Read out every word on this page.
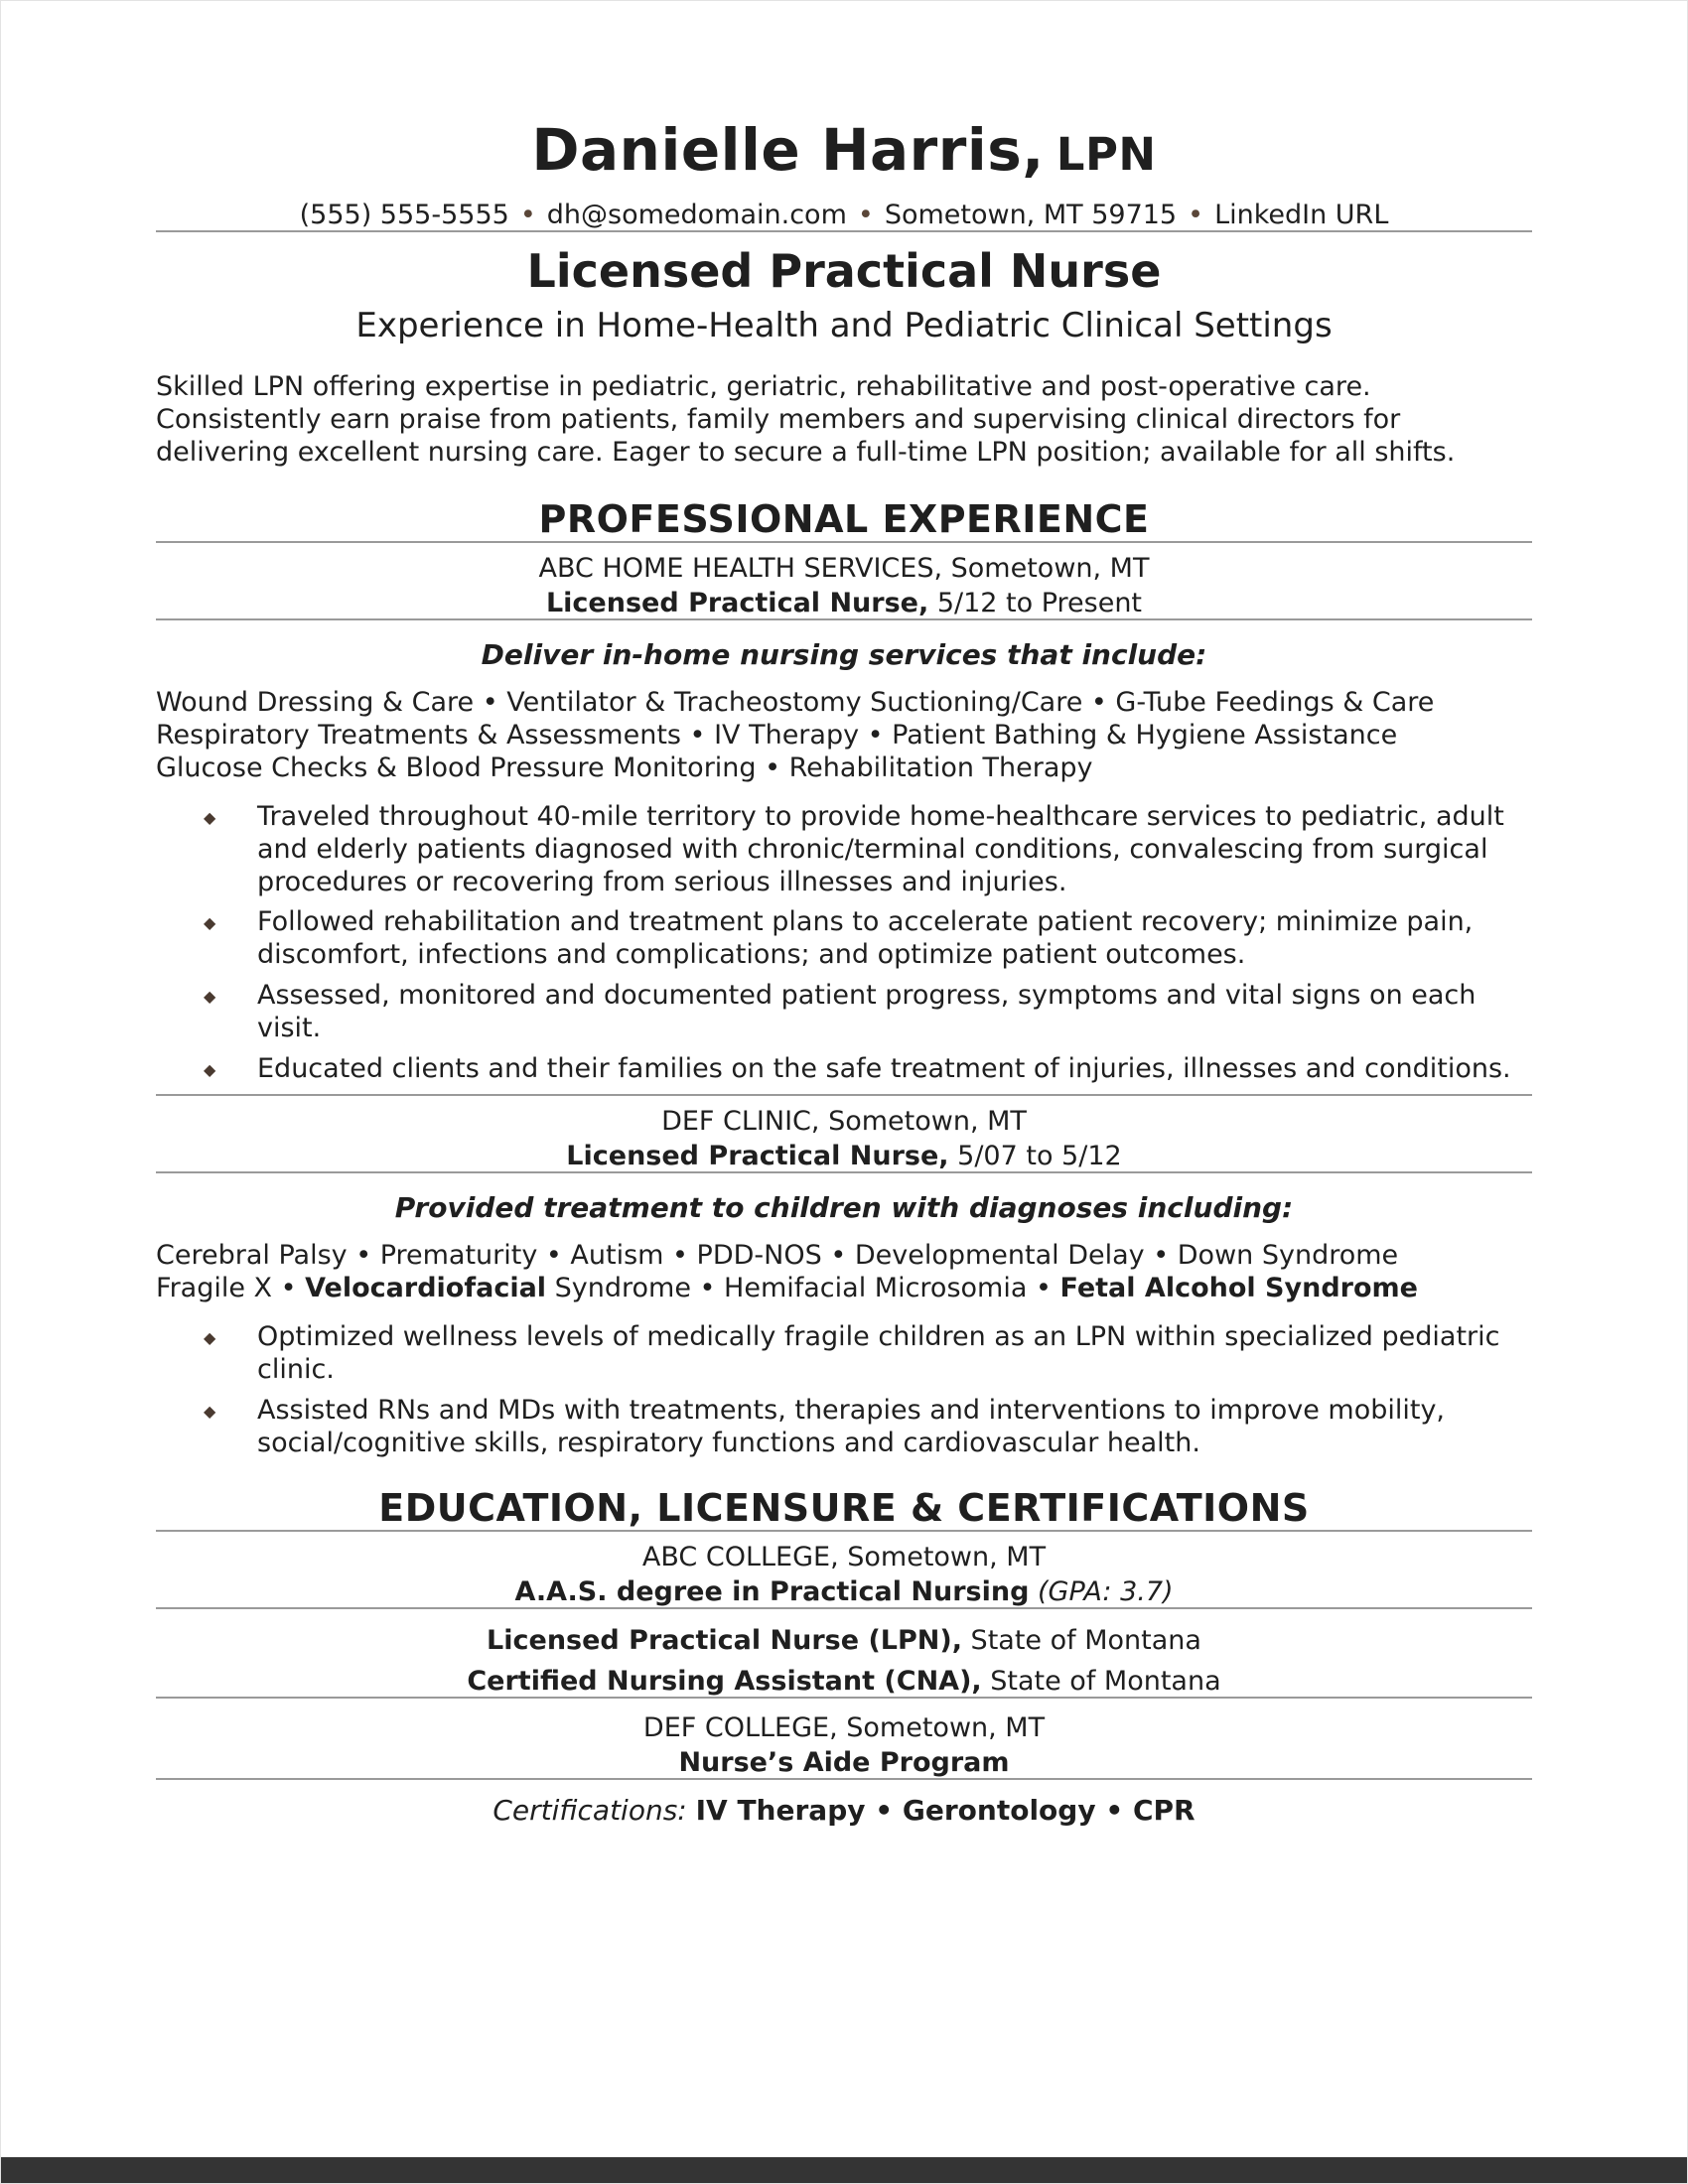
Danielle Harris, LPN
(555) 555-5555 • dh@somedomain.com • Sometown, MT 59715 • LinkedIn URL
Licensed Practical Nurse
Experience in Home-Health and Pediatric Clinical Settings
Skilled LPN offering expertise in pediatric, geriatric, rehabilitative and post-operative care. Consistently earn praise from patients, family members and supervising clinical directors for delivering excellent nursing care. Eager to secure a full-time LPN position; available for all shifts.
PROFESSIONAL EXPERIENCE
ABC HOME HEALTH SERVICES, Sometown, MT
Licensed Practical Nurse, 5/12 to Present
Deliver in-home nursing services that include:

Wound Dressing & Care • Ventilator & Tracheostomy Suctioning/Care • G-Tube Feedings & Care

Respiratory Treatments & Assessments • IV Therapy • Patient Bathing & Hygiene Assistance

Glucose Checks & Blood Pressure Monitoring • Rehabilitation Therapy

◆	Traveled throughout 40-mile territory to provide home-healthcare services to pediatric, adult and elderly patients diagnosed with chronic/terminal conditions, convalescing from surgical procedures or recovering from serious illnesses and injuries.
◆	Followed rehabilitation and treatment plans to accelerate patient recovery; minimize pain, discomfort, infections and complications; and optimize patient outcomes.
◆	Assessed, monitored and documented patient progress, symptoms and vital signs on each visit.
◆	Educated clients and their families on the safe treatment of injuries, illnesses and conditions.
DEF CLINIC, Sometown, MT
Licensed Practical Nurse, 5/07 to 5/12
Provided treatment to children with diagnoses including:

Cerebral Palsy • Prematurity • Autism • PDD-NOS • Developmental Delay • Down Syndrome

Fragile X • Velocardiofacial Syndrome • Hemifacial Microsomia • Fetal Alcohol Syndrome

◆	Optimized wellness levels of medically fragile children as an LPN within specialized pediatric clinic.
◆	Assisted RNs and MDs with treatments, therapies and interventions to improve mobility, social/cognitive skills, respiratory functions and cardiovascular health.
EDUCATION, LICENSURE & CERTIFICATIONS
ABC COLLEGE, Sometown, MT
A.A.S. degree in Practical Nursing (GPA: 3.7)
Licensed Practical Nurse (LPN), State of Montana
Certified Nursing Assistant (CNA), State of Montana
DEF COLLEGE, Sometown, MT
Nurse’s Aide Program
Certifications: IV Therapy • Gerontology • CPR
